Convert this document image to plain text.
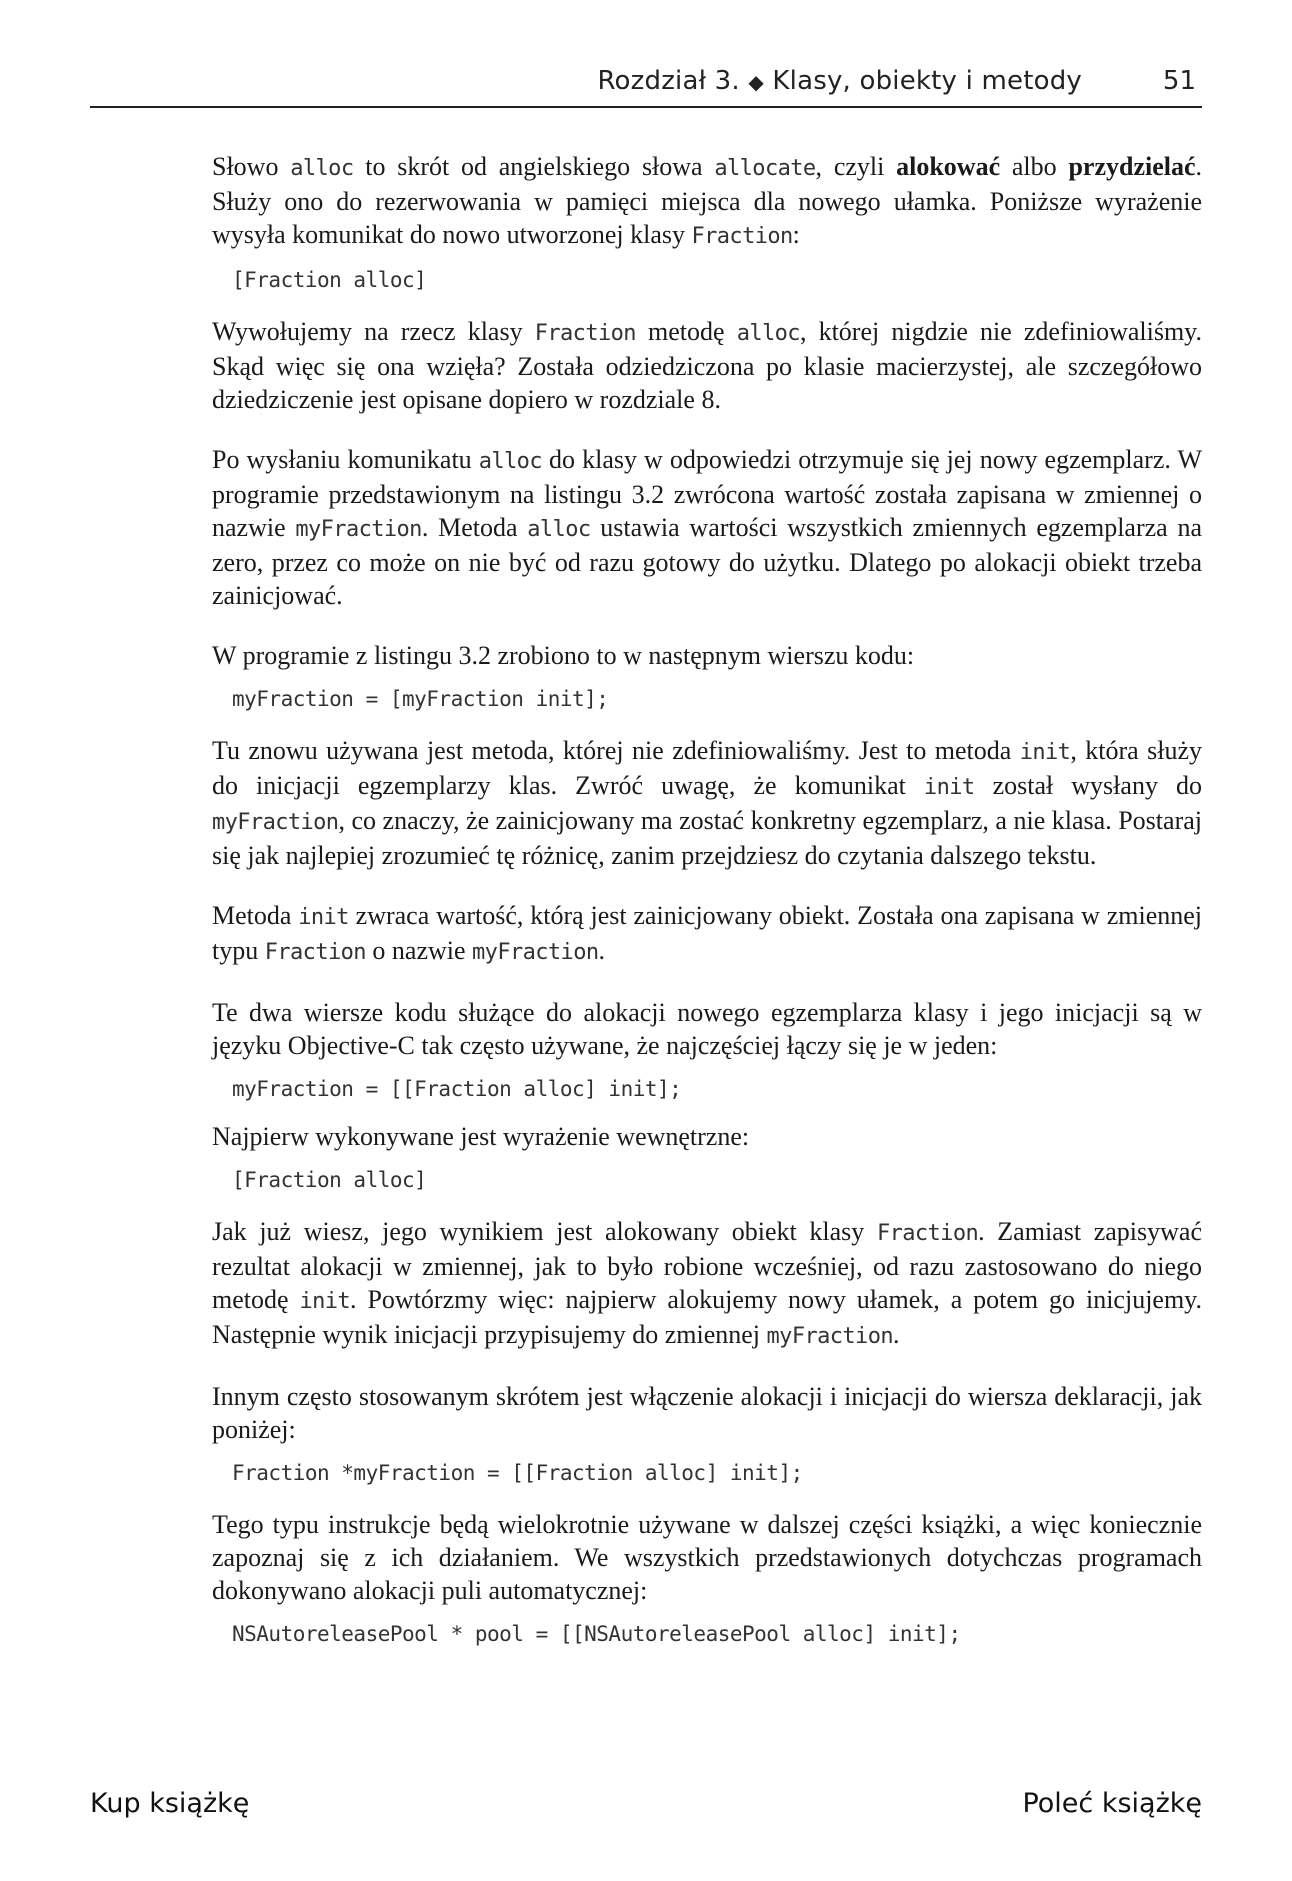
Rozdział 3. ◆ Klasy, obiekty i metody	51

Słowo alloc to skrót od angielskiego słowa allocate, czyli alokować albo przydzielać. Służy ono do rezerwowania w pamięci miejsca dla nowego ułamka. Poniższe wyrażenie wysyła komunikat do nowo utworzonej klasy Fraction:

[Fraction alloc]

Wywołujemy na rzecz klasy Fraction metodę alloc, której nigdzie nie zdefiniowaliśmy. Skąd więc się ona wzięła? Została odziedziczona po klasie macierzystej, ale szczegółowo dziedziczenie jest opisane dopiero w rozdziale 8.

Po wysłaniu komunikatu alloc do klasy w odpowiedzi otrzymuje się jej nowy egzemplarz. W programie przedstawionym na listingu 3.2 zwrócona wartość została zapisana w zmiennej o nazwie myFraction. Metoda alloc ustawia wartości wszystkich zmiennych egzemplarza na zero, przez co może on nie być od razu gotowy do użytku. Dlatego po alokacji obiekt trzeba zainicjować.

W programie z listingu 3.2 zrobiono to w następnym wierszu kodu:

myFraction = [myFraction init];

Tu znowu używana jest metoda, której nie zdefiniowaliśmy. Jest to metoda init, która służy do inicjacji egzemplarzy klas. Zwróć uwagę, że komunikat init został wysłany do myFraction, co znaczy, że zainicjowany ma zostać konkretny egzemplarz, a nie klasa. Postaraj się jak najlepiej zrozumieć tę różnicę, zanim przejdziesz do czytania dalszego tekstu.

Metoda init zwraca wartość, którą jest zainicjowany obiekt. Została ona zapisana w zmiennej typu Fraction o nazwie myFraction.

Te dwa wiersze kodu służące do alokacji nowego egzemplarza klasy i jego inicjacji są w języku Objective-C tak często używane, że najczęściej łączy się je w jeden:

myFraction = [[Fraction alloc] init];

Najpierw wykonywane jest wyrażenie wewnętrzne:

[Fraction alloc]

Jak już wiesz, jego wynikiem jest alokowany obiekt klasy Fraction. Zamiast zapisywać rezultat alokacji w zmiennej, jak to było robione wcześniej, od razu zastosowano do niego metodę init. Powtórzmy więc: najpierw alokujemy nowy ułamek, a potem go inicjujemy. Następnie wynik inicjacji przypisujemy do zmiennej myFraction.

Innym często stosowanym skrótem jest włączenie alokacji i inicjacji do wiersza deklaracji, jak poniżej:

Fraction *myFraction = [[Fraction alloc] init];

Tego typu instrukcje będą wielokrotnie używane w dalszej części książki, a więc koniecznie zapoznaj się z ich działaniem. We wszystkich przedstawionych dotychczas programach dokonywano alokacji puli automatycznej:

NSAutoreleasePool * pool = [[NSAutoreleasePool alloc] init];
Kup książkę	Poleć książkę
